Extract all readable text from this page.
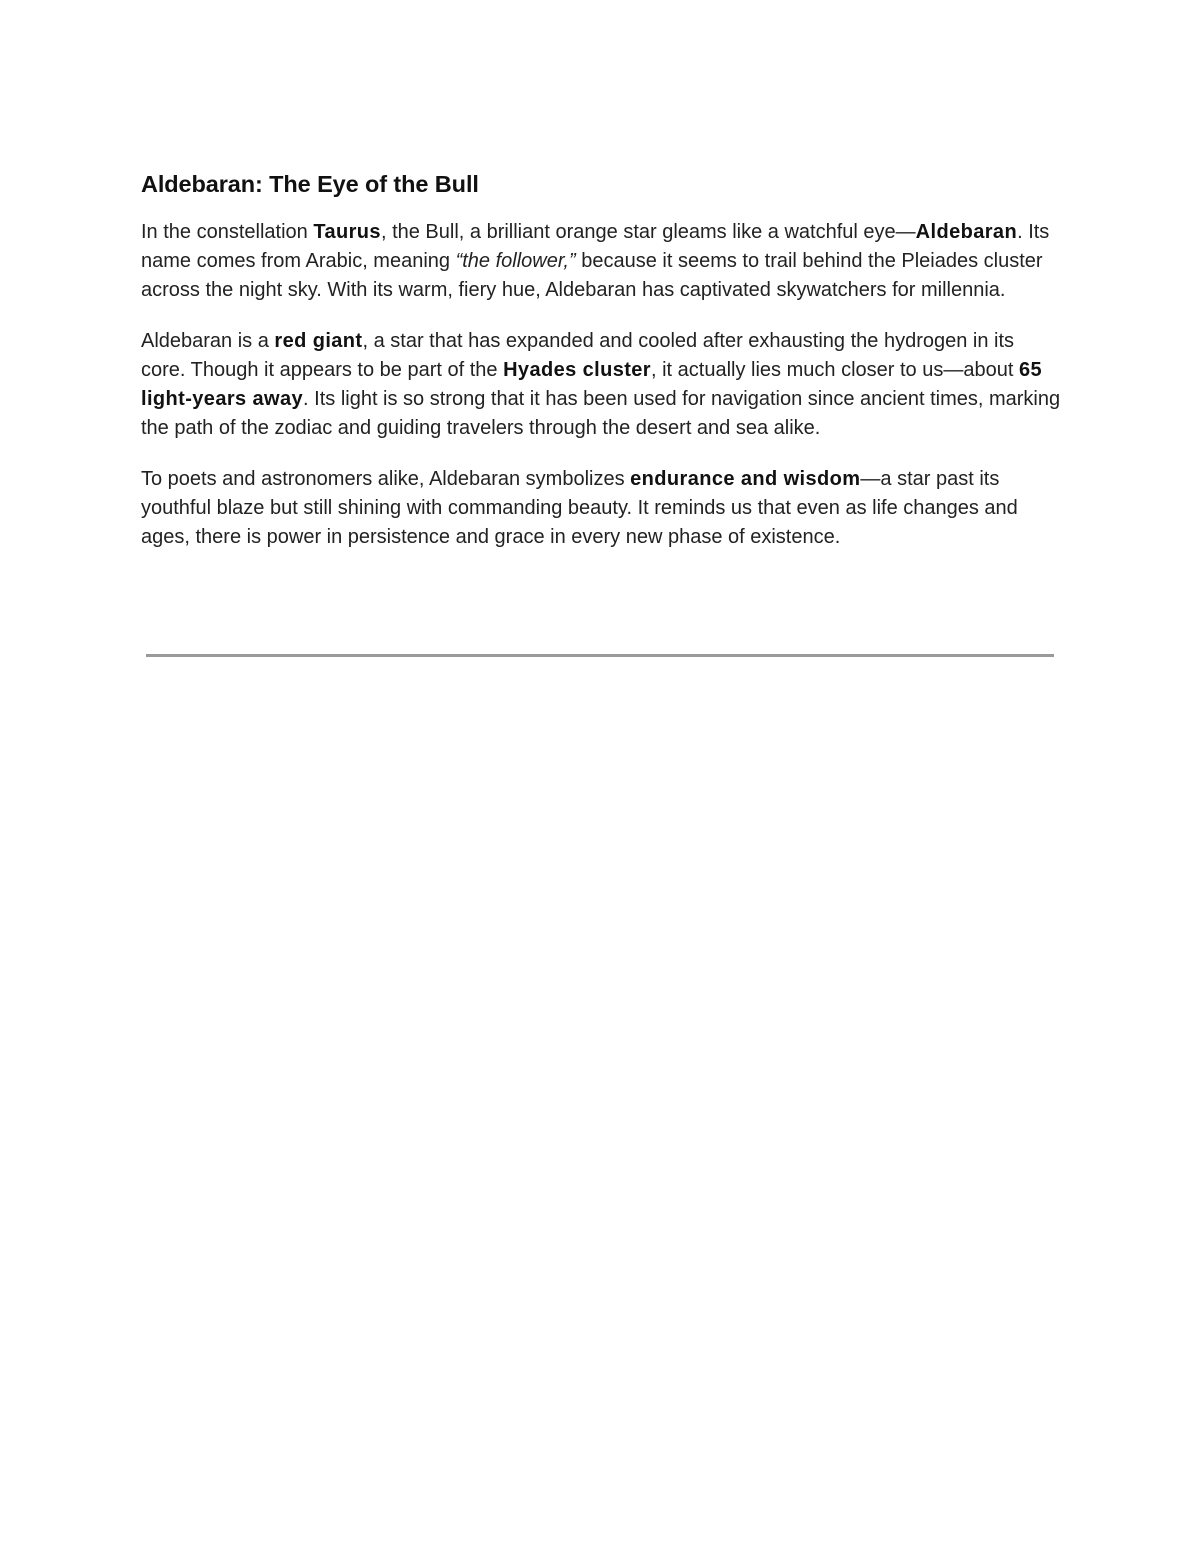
Aldebaran: The Eye of the Bull

In the constellation Taurus, the Bull, a brilliant orange star gleams like a watchful eye—Aldebaran. Its name comes from Arabic, meaning “the follower,” because it seems to trail behind the Pleiades cluster across the night sky. With its warm, fiery hue, Aldebaran has captivated skywatchers for millennia.

Aldebaran is a red giant, a star that has expanded and cooled after exhausting the hydrogen in its core. Though it appears to be part of the Hyades cluster, it actually lies much closer to us—about 65 light-years away. Its light is so strong that it has been used for navigation since ancient times, marking the path of the zodiac and guiding travelers through the desert and sea alike.

To poets and astronomers alike, Aldebaran symbolizes endurance and wisdom—a star past its youthful blaze but still shining with commanding beauty. It reminds us that even as life changes and ages, there is power in persistence and grace in every new phase of existence.
